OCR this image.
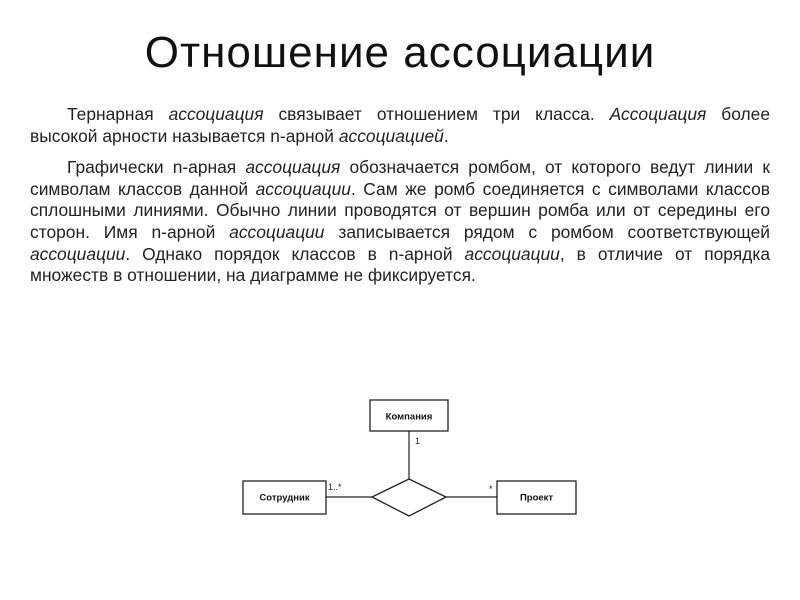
Отношение ассоциации

Тернарная ассоциация связывает отношением три класса. Ассоциация более высокой арности называется n-арной ассоциацией.

Графически n-арная ассоциация обозначается ромбом, от которого ведут линии к символам классов данной ассоциации. Сам же ромб соединяется с символами классов сплошными линиями. Обычно линии проводятся от вершин ромба или от середины его сторон. Имя n-арной ассоциации записывается рядом с ромбом соответствующей ассоциации. Однако порядок классов в n-арной ассоциации, в отличие от порядка множеств в отношении, на диаграмме не фиксируется.

Компания
Сотрудник	Проект
1
1..*	*
